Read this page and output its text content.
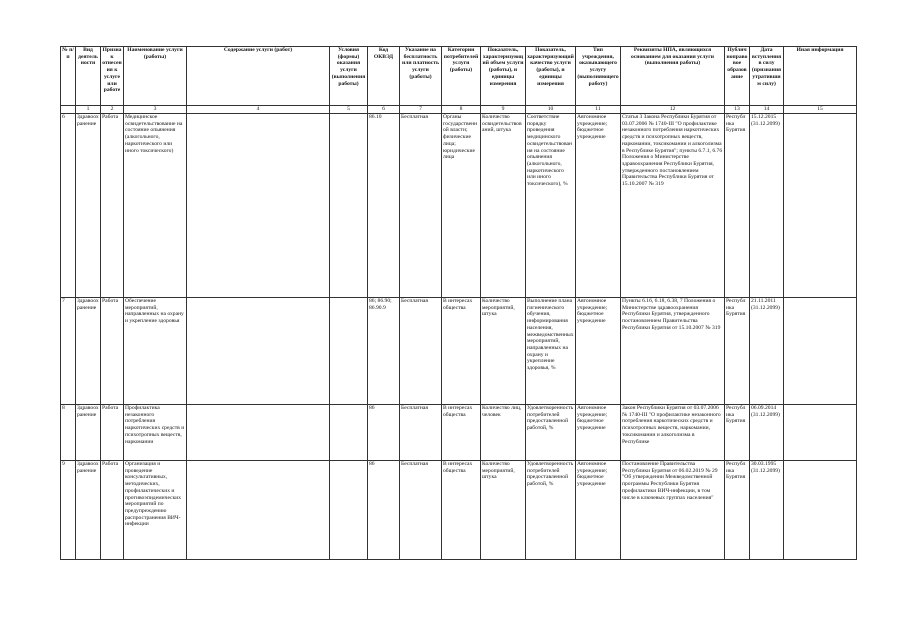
№ п/п	Вид деятельности	Признак отнесения к услуге или работе	Наименование услуги (работы)	Содержание услуги (работ)	Условия (формы) оказания услуги (выполнения работы)	Код ОКВЭД	Указание на бесплатность или платность услуги (работы)	Категории потребителей услуги (работы)	Показатель, характеризующий объем услуги (работы), и единицы измерения	Показатель, характеризующий качество услуги (работы), и единицы измерения	Тип учреждения, оказывающего услугу (выполняющего работу)	Реквизиты НПА, являющихся основанием для оказания услуги (выполнения работы)	Публичноправовое образование	Дата вступления в силу (признания утратившим силу)	Иная информация
	1	2	3	4	5	6	7	8	9	10	11	12	13	14	15
6	Здравоохранение	Работа	Медицинское освидетельствование на состояние опьянения (алкогольного, наркотического или иного токсического)			86.10	Бесплатная	Органы государственной власти; физические лица; юридические лица	Количество освидетельствований, штука	Соответствие порядку проведения медицинского освидетельствования на состояние опьянения (алкогольного, наркотического или иного токсического), %	Автономное учреждение; бюджетное учреждение	Статья 3 Закона Республики Бурятия от 03.07.2006 № 1740-III "О профилактике незаконного потребления наркотических средств и психотропных веществ, наркомании, токсикомании и алкоголизма в Республике Бурятия"; пункты 6.7.1, 6.76 Положения о Министерстве здравоохранения Республики Бурятия, утвержденного постановлением Правительства Республики Бурятия от 15.10.2007 № 319	Республика Бурятия	15.12.2015 (31.12.2099)	
7	Здравоохранение	Работа	Обеспечение мероприятий, направленных на охрану и укрепление здоровья			86; 86.90; 86.90.9	Бесплатная	В интересах общества	Количество мероприятий, штука	Выполнение плана гигиенического обучения, информирования населения, межведомственных мероприятий, направленных на охрану и укрепление здоровья, %	Автономное учреждение; бюджетное учреждение	Пункты 6.16, 6.18, 6.38, 7 Положения о Министерстве здравоохранения Республики Бурятия, утвержденного постановлением Правительства Республики Бурятия от 15.10.2007 № 319	Республика Бурятия	21.11.2011 (31.12.2099)	
8	Здравоохранение	Работа	Профилактика незаконного потребления наркотических средств и психотропных веществ, наркомании			86	Бесплатная	В интересах общества	Количество лиц, человек	Удовлетворенность потребителей предоставленной работой, %	Автономное учреждение; бюджетное учреждение	Закон Республики Бурятия от 03.07.2006 № 1740-III "О профилактике незаконного потребления наркотических средств и психотропных веществ, наркомании, токсикомании и алкоголизма в Республике	Республика Бурятия	06.09.2014 (31.12.2099)	
9	Здравоохранение	Работа	Организация и проведение консультативных, методических, профилактических и противоэпидемических мероприятий по предупреждению распространения ВИЧ-инфекции			86	Бесплатная	В интересах общества	Количество мероприятий, штука	Удовлетворенность потребителей предоставленной работой, %	Автономное учреждение; бюджетное учреждение	Постановление Правительства Республики Бурятия от 06.02.2019 № 29 "Об утверждении Межведомственной программы Республики Бурятия профилактики ВИЧ-инфекции, в том числе в ключевых группах населения"	Республика Бурятия	30.03.1995 (31.12.2099)	
